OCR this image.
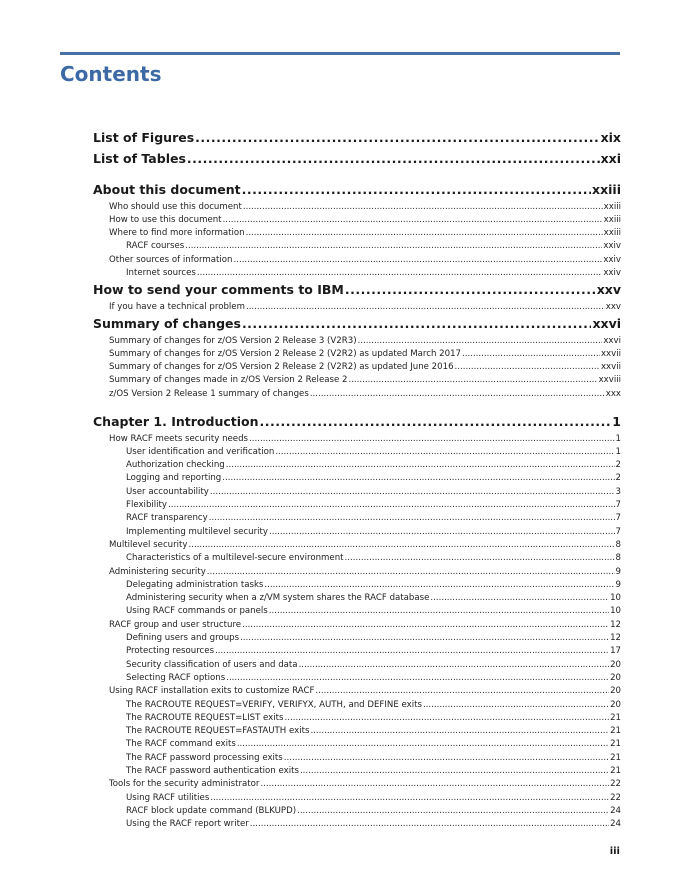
Contents
List of Figures .....	xix
List of Tables .....	xxi
About this document .....	xxiii
Who should use this document .....	xxiii
How to use this document .....	xxiii
Where to find more information .....	xxiii
RACF courses .....	xxiv
Other sources of information .....	xxiv
Internet sources .....	xxiv
How to send your comments to IBM .....	xxv
If you have a technical problem .....	xxv
Summary of changes .....	xxvi
Summary of changes for z/OS Version 2 Release 3 (V2R3) .....	xxvi
Summary of changes for z/OS Version 2 Release 2 (V2R2) as updated March 2017 .....	xxvii
Summary of changes for z/OS Version 2 Release 2 (V2R2) as updated June 2016 .....	xxvii
Summary of changes made in z/OS Version 2 Release 2 .....	xxviii
z/OS Version 2 Release 1 summary of changes .....	xxx
Chapter 1. Introduction .....	1
How RACF meets security needs .....	1
User identification and verification .....	1
Authorization checking .....	2
Logging and reporting .....	2
User accountability .....	3
Flexibility .....	7
RACF transparency .....	7
Implementing multilevel security .....	7
Multilevel security .....	8
Characteristics of a multilevel-secure environment .....	8
Administering security .....	9
Delegating administration tasks .....	9
Administering security when a z/VM system shares the RACF database .....	10
Using RACF commands or panels .....	10
RACF group and user structure .....	12
Defining users and groups .....	12
Protecting resources .....	17
Security classification of users and data .....	20
Selecting RACF options .....	20
Using RACF installation exits to customize RACF .....	20
The RACROUTE REQUEST=VERIFY, VERIFYX, AUTH, and DEFINE exits .....	20
The RACROUTE REQUEST=LIST exits .....	21
The RACROUTE REQUEST=FASTAUTH exits .....	21
The RACF command exits .....	21
The RACF password processing exits .....	21
The RACF password authentication exits .....	21
Tools for the security administrator .....	22
Using RACF utilities .....	22
RACF block update command (BLKUPD) .....	24
Using the RACF report writer .....	24
iii
